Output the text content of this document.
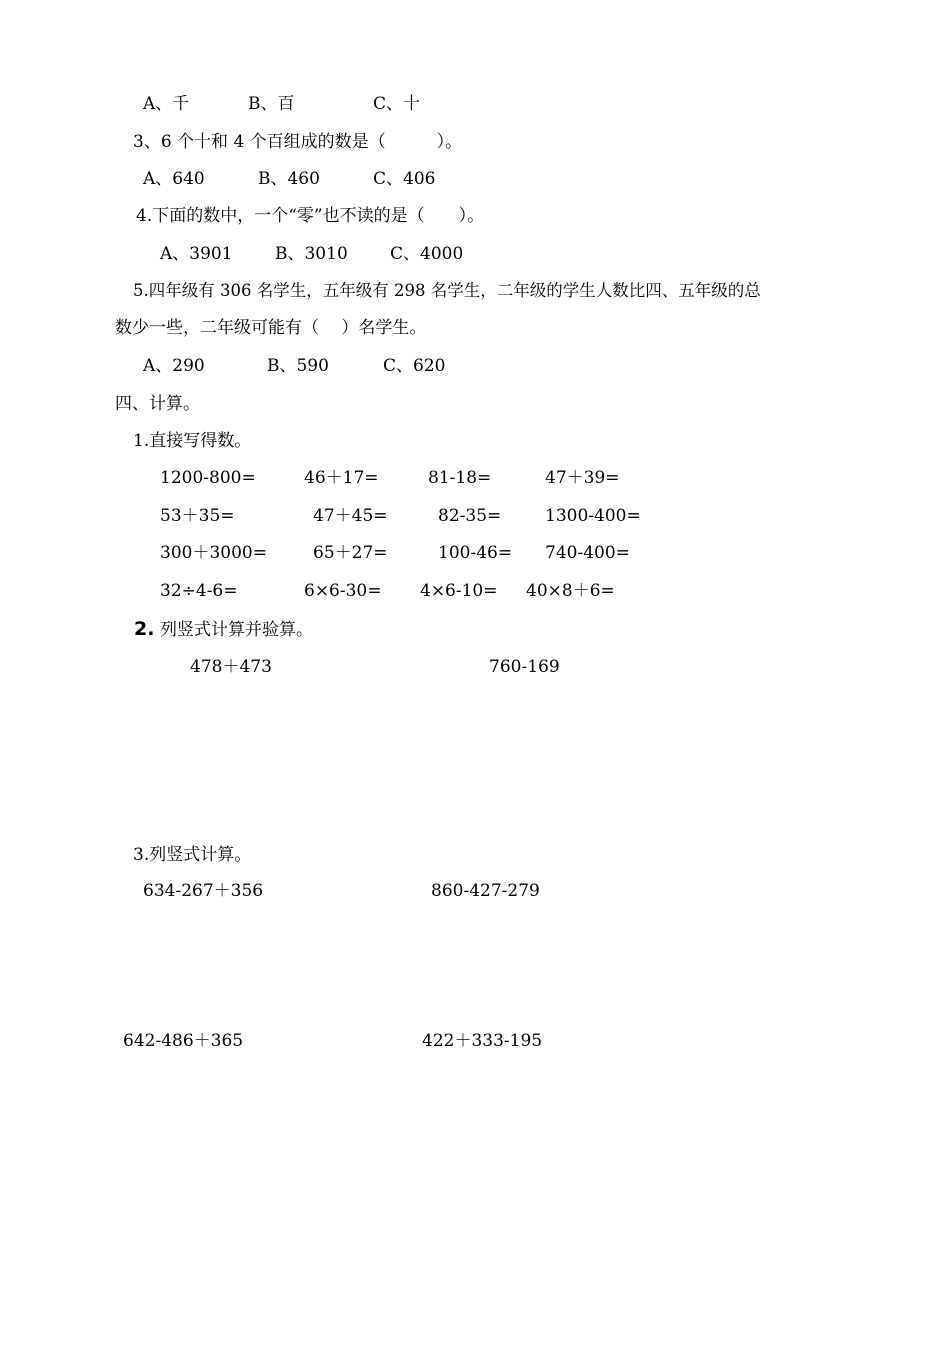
A、千	B、百	C、十
3、6 个十和 4 个百组成的数是（　　　）。
A、640	B、460	C、406
4.下面的数中，一个“零”也不读的是（　　）。
A、3901 B、3010 C、4000
5.四年级有 306 名学生，五年级有 298 名学生，二年级的学生人数比四、五年级的总
数少一些，二年级可能有（　 ）名学生。
A、290	B、590	C、620
四、计算。
1.直接写得数。
1200-800=	46＋17=	81-18=	47＋39=
53＋35=	47＋45=	82-35=	1300-400=
300＋3000=	65＋27=	100-46= 740-400=
32÷4-6=	6×6-30= 4×6-10= 40×8＋6=
2. 列竖式计算并验算。
478＋473	760-169
3.列竖式计算。
634-267＋356	860-427-279
642-486＋365	422＋333-195
